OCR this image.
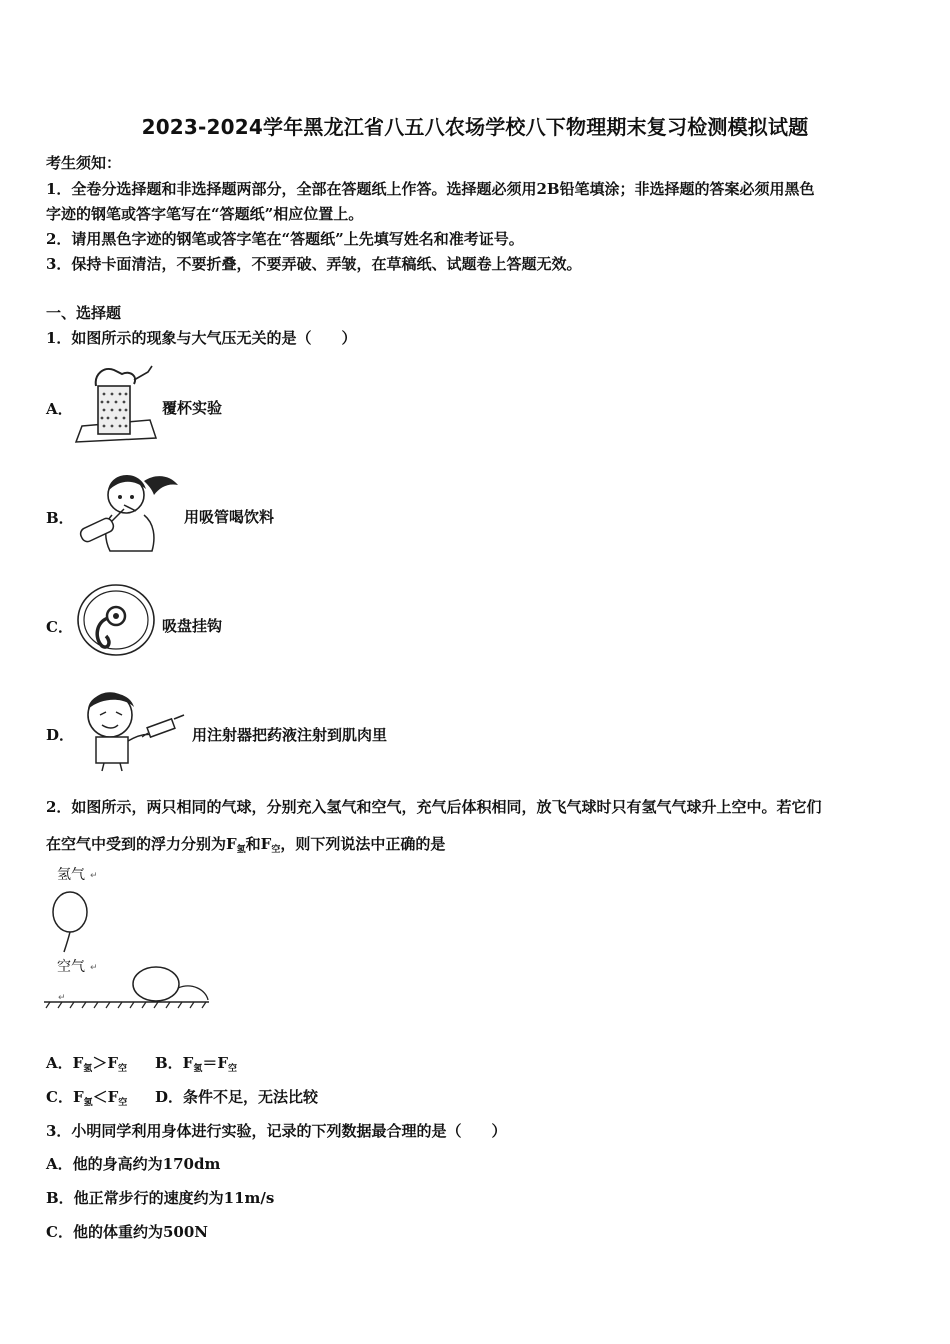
2023-2024学年黑龙江省八五八农场学校八下物理期末复习检测模拟试题
考生须知：
1．全卷分选择题和非选择题两部分，全部在答题纸上作答。选择题必须用2B铅笔填涂；非选择题的答案必须用黑色
字迹的钢笔或答字笔写在“答题纸”相应位置上。
2．请用黑色字迹的钢笔或答字笔在“答题纸”上先填写姓名和准考证号。
3．保持卡面清洁，不要折叠，不要弄破、弄皱，在草稿纸、试题卷上答题无效。
一、选择题
1．如图所示的现象与大气压无关的是（　　）
A．	覆杯实验
B．	用吸管喝饮料
C．	吸盘挂钩
D．	用注射器把药液注射到肌肉里
2．如图所示，两只相同的气球，分别充入氢气和空气，充气后体积相同，放飞气球时只有氢气气球升上空中。若它们
在空气中受到的浮力分别为$F_氢$和$F_空$，则下列说法中正确的是
氢气
空气
↵
↵
↵
A．$F_氢>F_空$ B．$F_氢=F_空$
C．$F_氢<F_空$ D．条件不足，无法比较
3．小明同学利用身体进行实验，记录的下列数据最合理的是（　　）
A．他的身高约为170dm
B．他正常步行的速度约为11m/s
C．他的体重约为500N
